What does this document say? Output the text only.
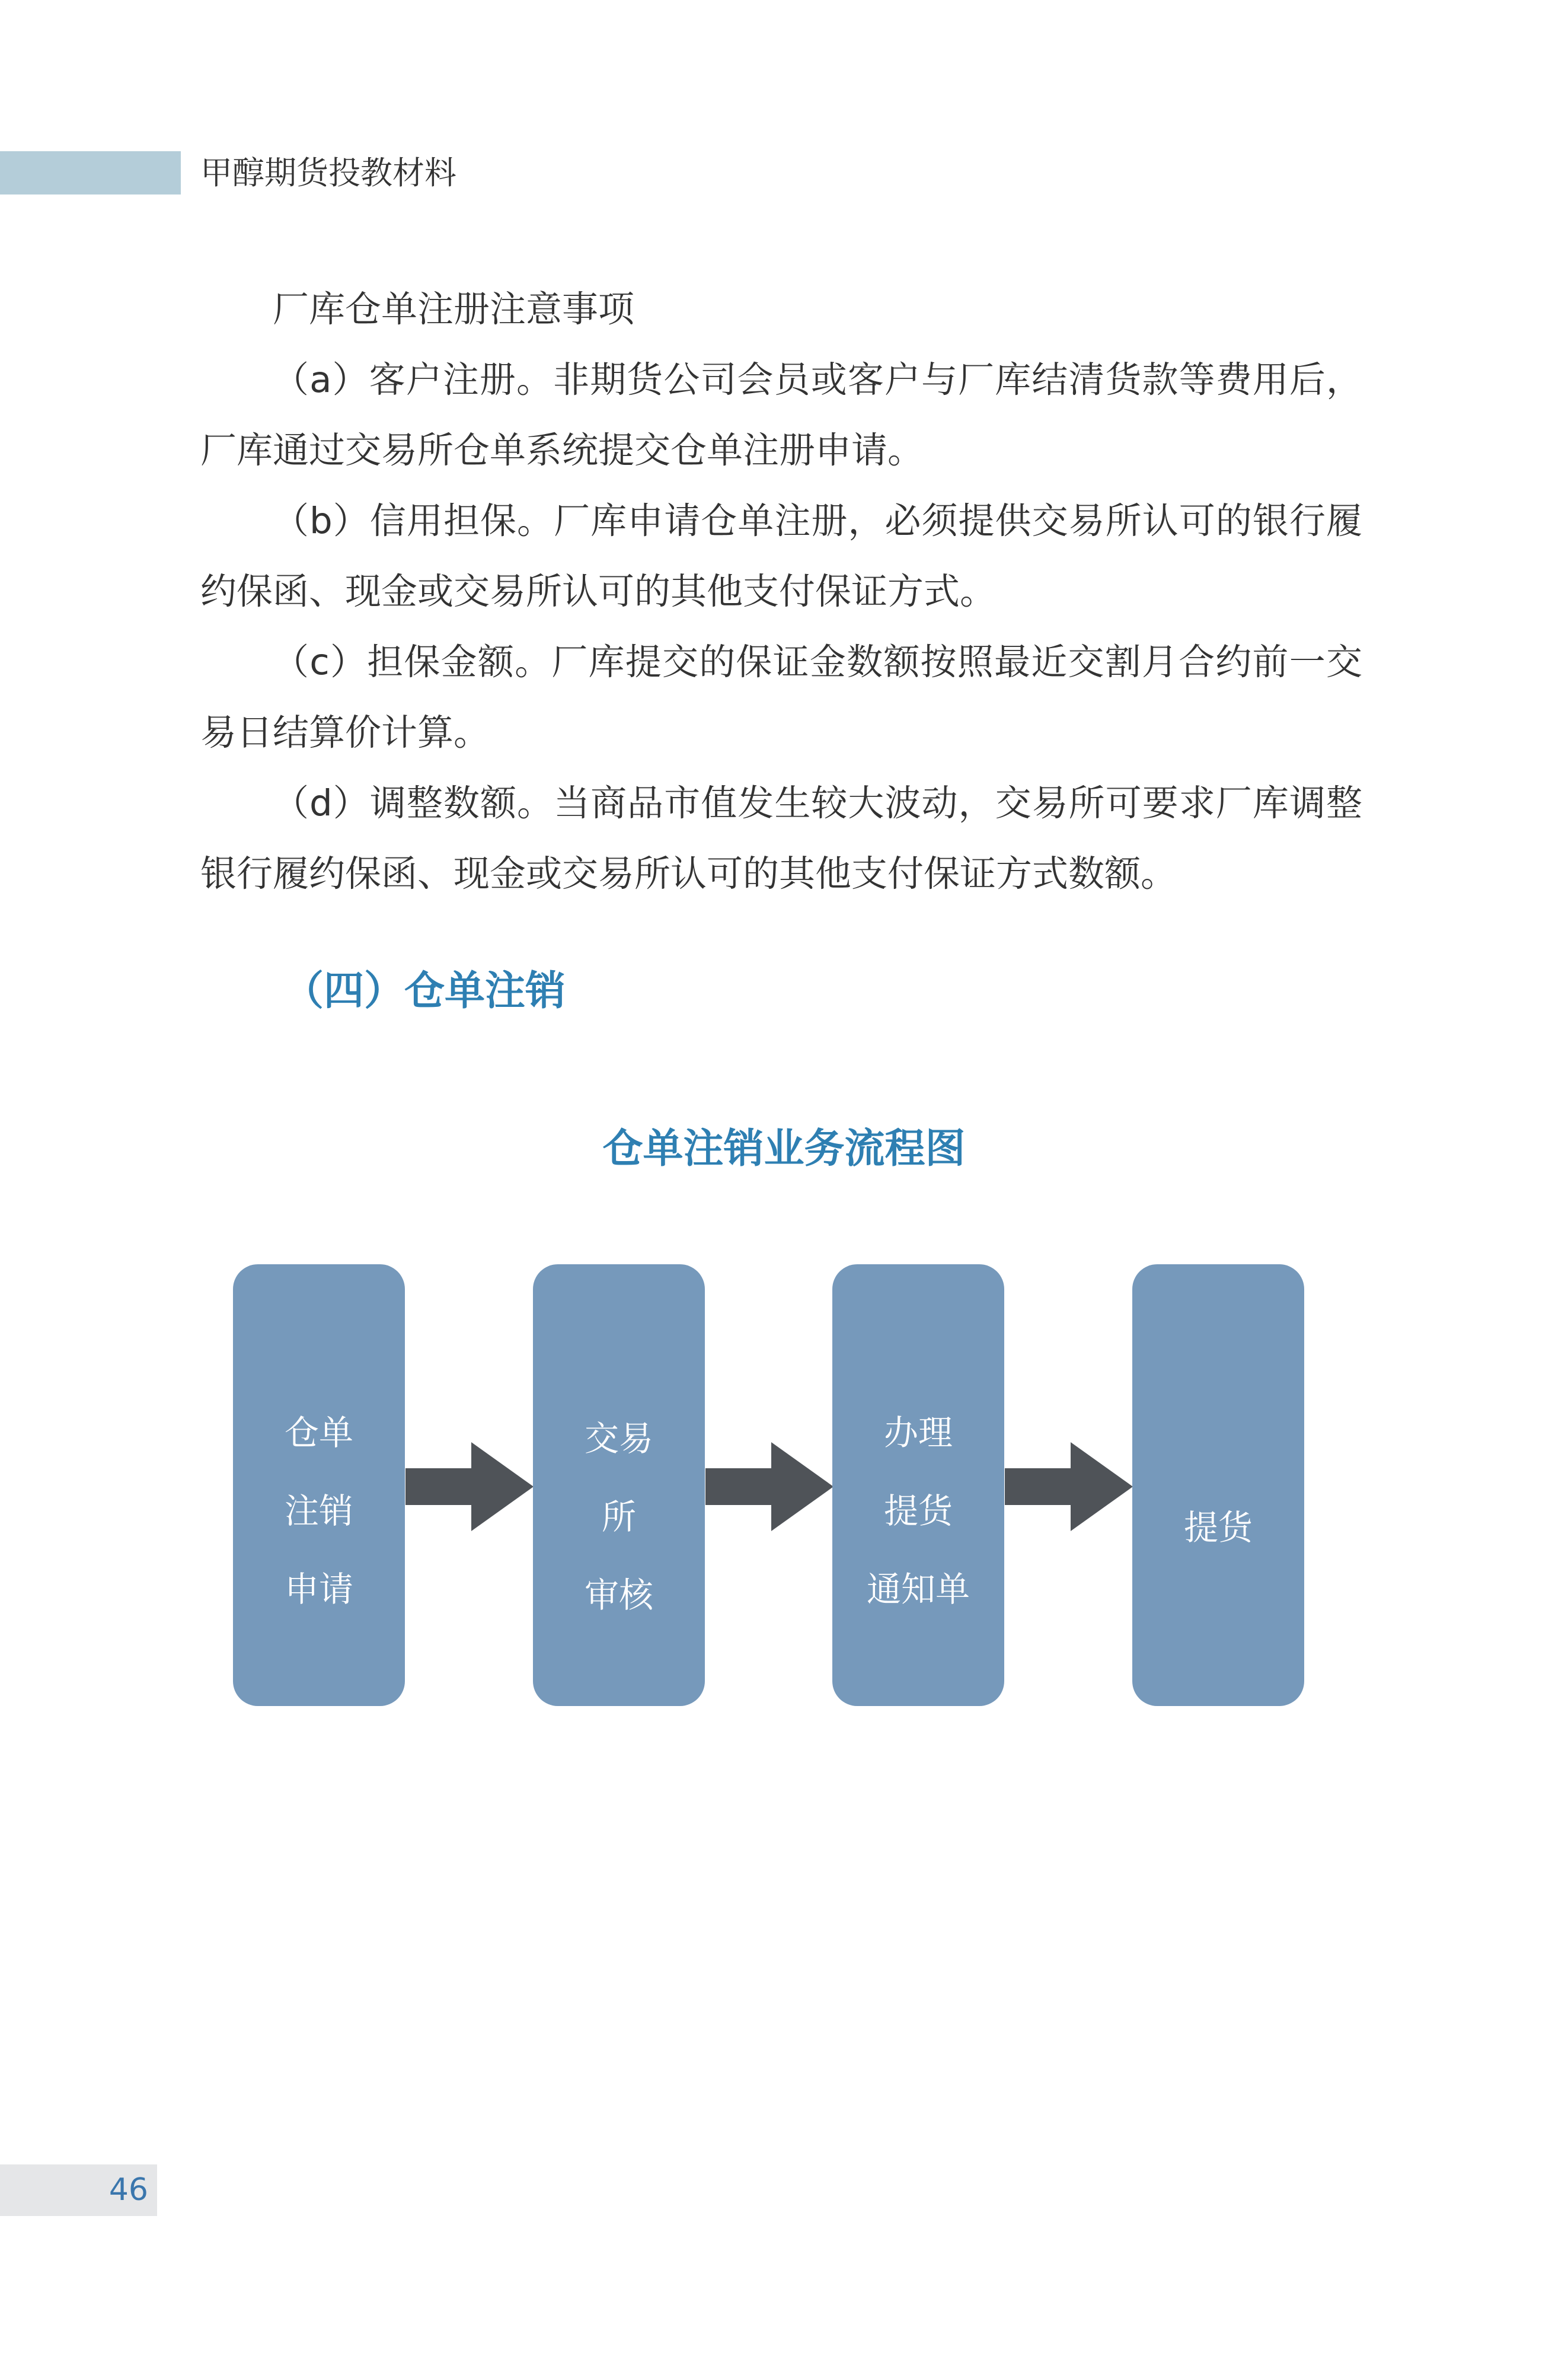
甲醇期货投教材料

厂库仓单注册注意事项

（a）客户注册。非期货公司会员或客户与厂库结清货款等费用后，厂库通过交易所仓单系统提交仓单注册申请。

（b）信用担保。厂库申请仓单注册，必须提供交易所认可的银行履约保函、现金或交易所认可的其他支付保证方式。

（c）担保金额。厂库提交的保证金数额按照最近交割月合约前一交易日结算价计算。

（d）调整数额。当商品市值发生较大波动，交易所可要求厂库调整银行履约保函、现金或交易所认可的其他支付保证方式数额。

（四）仓单注销
仓单注销业务流程图
仓单
注销
申请
交易
所
审核
办理
提货
通知单
提货
46
